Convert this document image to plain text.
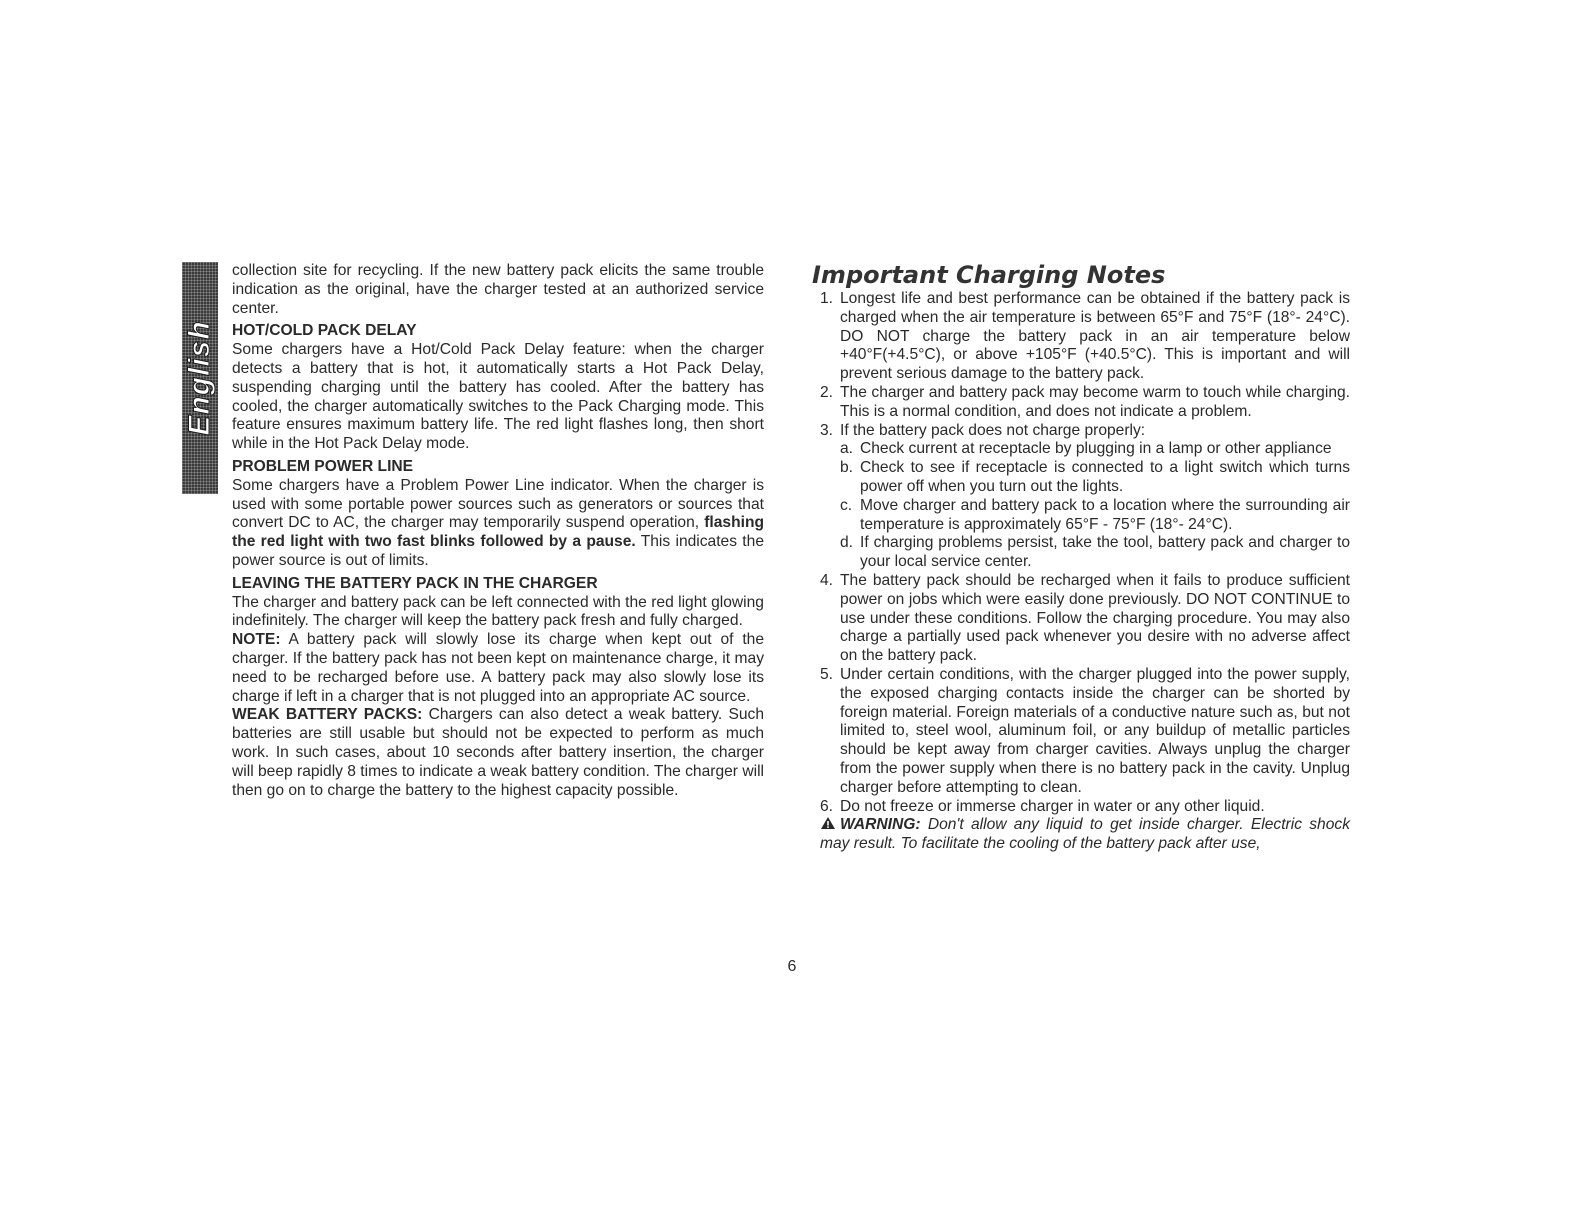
English

collection site for recycling. If the new battery pack elicits the same trouble indication as the original, have the charger tested at an authorized service center.

HOT/COLD PACK DELAY

Some chargers have a Hot/Cold Pack Delay feature: when the charger detects a battery that is hot, it automatically starts a Hot Pack Delay, suspending charging until the battery has cooled. After the battery has cooled, the charger automatically switches to the Pack Charging mode. This feature ensures maximum battery life. The red light flashes long, then short while in the Hot Pack Delay mode.

PROBLEM POWER LINE

Some chargers have a Problem Power Line indicator. When the charger is used with some portable power sources such as generators or sources that convert DC to AC, the charger may temporarily suspend operation, flashing the red light with two fast blinks followed by a pause. This indicates the power source is out of limits.

LEAVING THE BATTERY PACK IN THE CHARGER

The charger and battery pack can be left connected with the red light glowing indefinitely. The charger will keep the battery pack fresh and fully charged.

NOTE: A battery pack will slowly lose its charge when kept out of the charger. If the battery pack has not been kept on maintenance charge, it may need to be recharged before use. A battery pack may also slowly lose its charge if left in a charger that is not plugged into an appropriate AC source.

WEAK BATTERY PACKS: Chargers can also detect a weak battery. Such batteries are still usable but should not be expected to perform as much work. In such cases, about 10 seconds after battery insertion, the charger will beep rapidly 8 times to indicate a weak battery condition. The charger will then go on to charge the battery to the highest capacity possible.

Important Charging Notes
1. Longest life and best performance can be obtained if the battery pack is charged when the air temperature is between 65°F and 75°F (18°- 24°C). DO NOT charge the battery pack in an air temperature below +40°F(+4.5°C), or above +105°F (+40.5°C). This is important and will prevent serious damage to the battery pack.
2. The charger and battery pack may become warm to touch while charging. This is a normal condition, and does not indicate a problem.
3. If the battery pack does not charge properly:
a. Check current at receptacle by plugging in a lamp or other appliance
b. Check to see if receptacle is connected to a light switch which turns power off when you turn out the lights.
c. Move charger and battery pack to a location where the surrounding air temperature is approximately 65°F - 75°F (18°- 24°C).
d. If charging problems persist, take the tool, battery pack and charger to your local service center.
4. The battery pack should be recharged when it fails to produce sufficient power on jobs which were easily done previously. DO NOT CONTINUE to use under these conditions. Follow the charging procedure. You may also charge a partially used pack whenever you desire with no adverse affect on the battery pack.
5. Under certain conditions, with the charger plugged into the power supply, the exposed charging contacts inside the charger can be shorted by foreign material. Foreign materials of a conductive nature such as, but not limited to, steel wool, aluminum foil, or any buildup of metallic particles should be kept away from charger cavities. Always unplug the charger from the power supply when there is no battery pack in the cavity. Unplug charger before attempting to clean.
6. Do not freeze or immerse charger in water or any other liquid.

WARNING: Don't allow any liquid to get inside charger. Electric shock may result. To facilitate the cooling of the battery pack after use,

6
